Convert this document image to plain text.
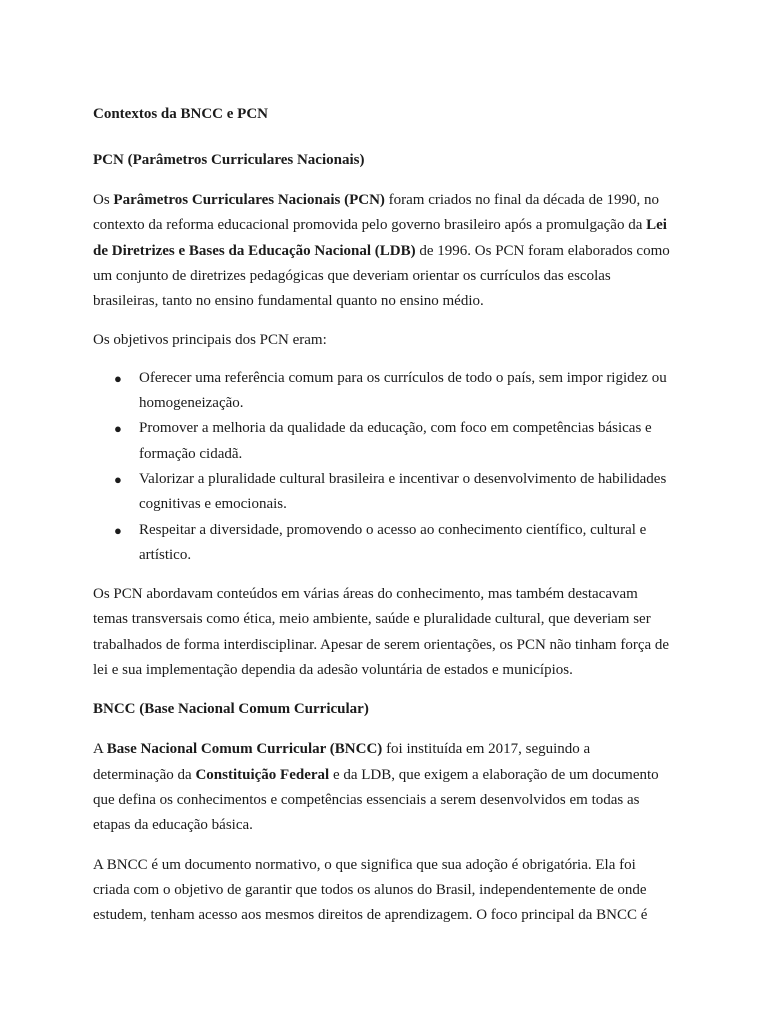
Contextos da BNCC e PCN

PCN (Parâmetros Curriculares Nacionais)

Os Parâmetros Curriculares Nacionais (PCN) foram criados no final da década de 1990, no contexto da reforma educacional promovida pelo governo brasileiro após a promulgação da Lei de Diretrizes e Bases da Educação Nacional (LDB) de 1996. Os PCN foram elaborados como um conjunto de diretrizes pedagógicas que deveriam orientar os currículos das escolas brasileiras, tanto no ensino fundamental quanto no ensino médio.

Os objetivos principais dos PCN eram:

● Oferecer uma referência comum para os currículos de todo o país, sem impor rigidez ou homogeneização.
● Promover a melhoria da qualidade da educação, com foco em competências básicas e formação cidadã.
● Valorizar a pluralidade cultural brasileira e incentivar o desenvolvimento de habilidades cognitivas e emocionais.
● Respeitar a diversidade, promovendo o acesso ao conhecimento científico, cultural e artístico.

Os PCN abordavam conteúdos em várias áreas do conhecimento, mas também destacavam temas transversais como ética, meio ambiente, saúde e pluralidade cultural, que deveriam ser trabalhados de forma interdisciplinar. Apesar de serem orientações, os PCN não tinham força de lei e sua implementação dependia da adesão voluntária de estados e municípios.

BNCC (Base Nacional Comum Curricular)

A Base Nacional Comum Curricular (BNCC) foi instituída em 2017, seguindo a determinação da Constituição Federal e da LDB, que exigem a elaboração de um documento que defina os conhecimentos e competências essenciais a serem desenvolvidos em todas as etapas da educação básica.

A BNCC é um documento normativo, o que significa que sua adoção é obrigatória. Ela foi criada com o objetivo de garantir que todos os alunos do Brasil, independentemente de onde estudem, tenham acesso aos mesmos direitos de aprendizagem. O foco principal da BNCC é
